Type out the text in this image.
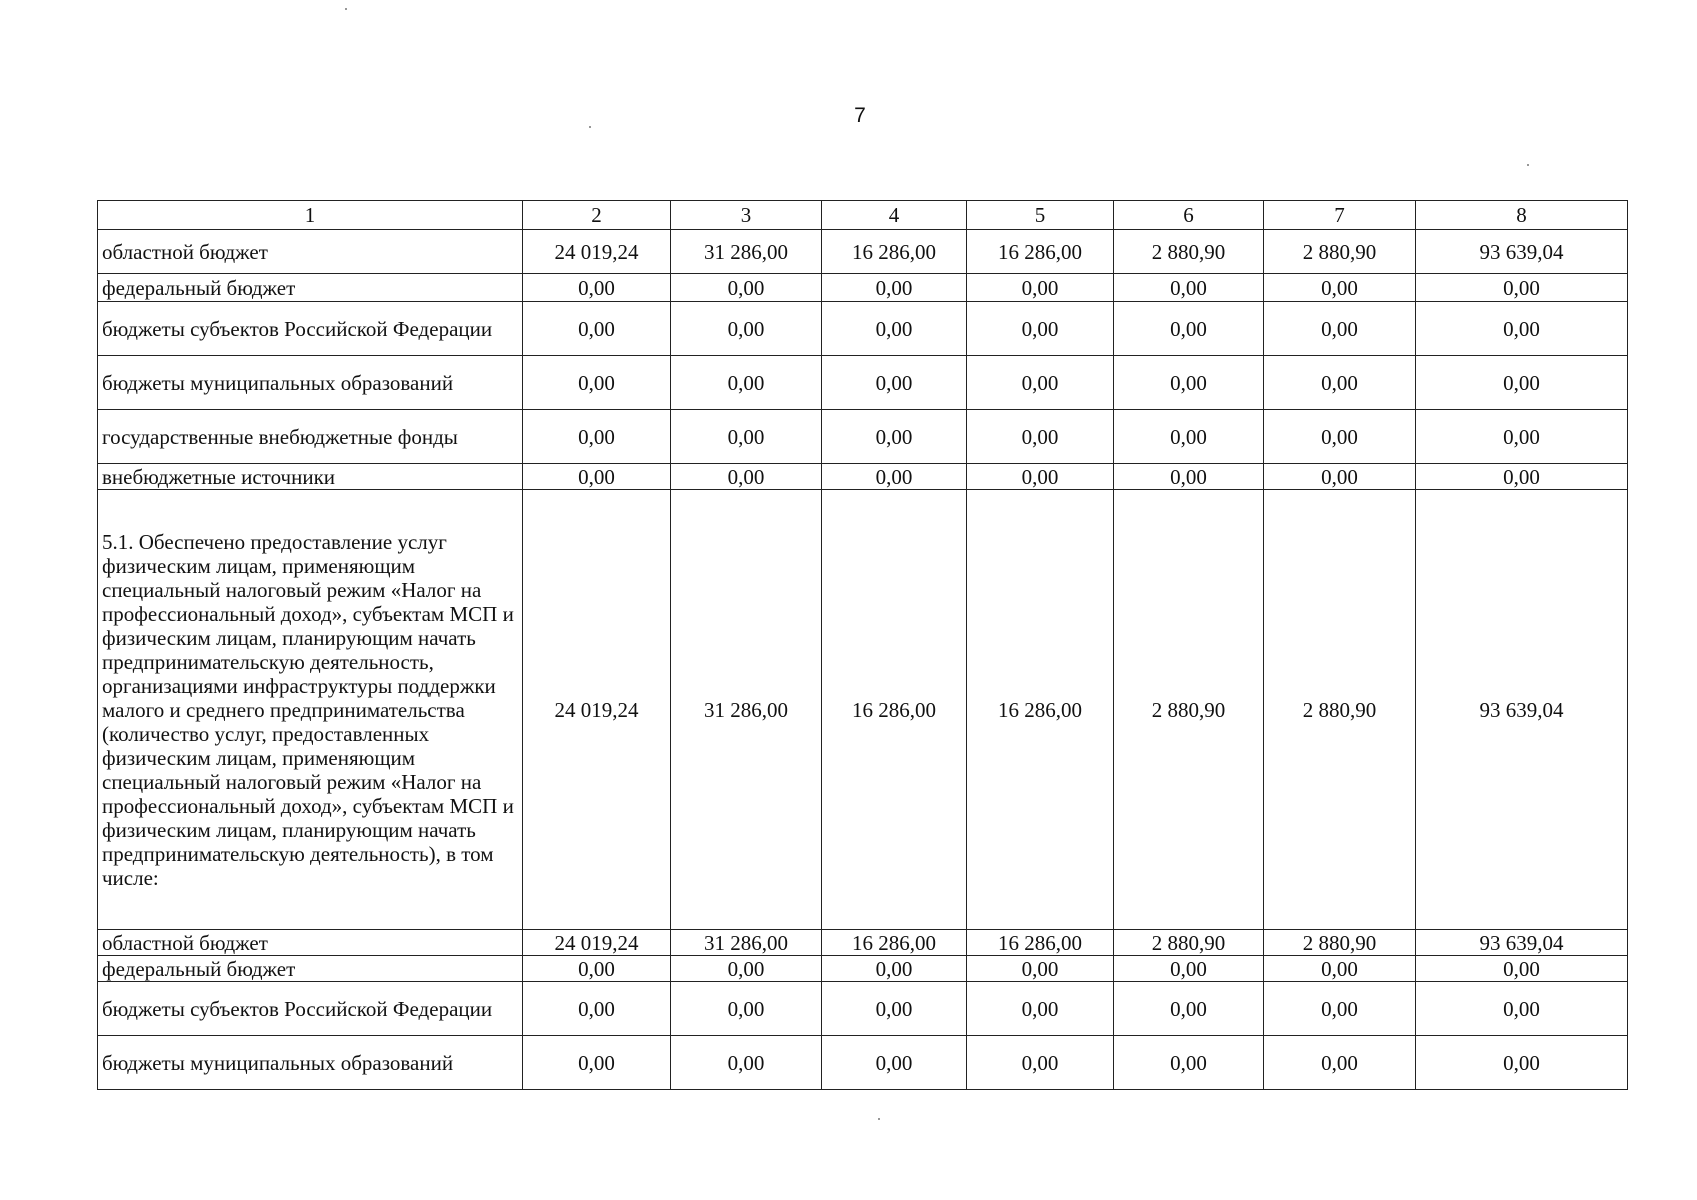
7
1	2	3	4	5	6	7	8
областной бюджет	24 019,24	31 286,00	16 286,00	16 286,00	2 880,90	2 880,90	93 639,04
федеральный бюджет	0,00	0,00	0,00	0,00	0,00	0,00	0,00
бюджеты субъектов Российской Федерации	0,00	0,00	0,00	0,00	0,00	0,00	0,00
бюджеты муниципальных образований	0,00	0,00	0,00	0,00	0,00	0,00	0,00
государственные внебюджетные фонды	0,00	0,00	0,00	0,00	0,00	0,00	0,00
внебюджетные источники	0,00	0,00	0,00	0,00	0,00	0,00	0,00
5.1. Обеспечено предоставление услуг физическим лицам, применяющим специальный налоговый режим «Налог на профессиональный доход», субъектам МСП и физическим лицам, планирующим начать предпринимательскую деятельность, организациями инфраструктуры поддержки малого и среднего предпринимательства (количество услуг, предоставленных физическим лицам, применяющим специальный налоговый режим «Налог на профессиональный доход», субъектам МСП и физическим лицам, планирующим начать предпринимательскую деятельность), в том числе:	24 019,24	31 286,00	16 286,00	16 286,00	2 880,90	2 880,90	93 639,04
областной бюджет	24 019,24	31 286,00	16 286,00	16 286,00	2 880,90	2 880,90	93 639,04
федеральный бюджет	0,00	0,00	0,00	0,00	0,00	0,00	0,00
бюджеты субъектов Российской Федерации	0,00	0,00	0,00	0,00	0,00	0,00	0,00
бюджеты муниципальных образований	0,00	0,00	0,00	0,00	0,00	0,00	0,00
